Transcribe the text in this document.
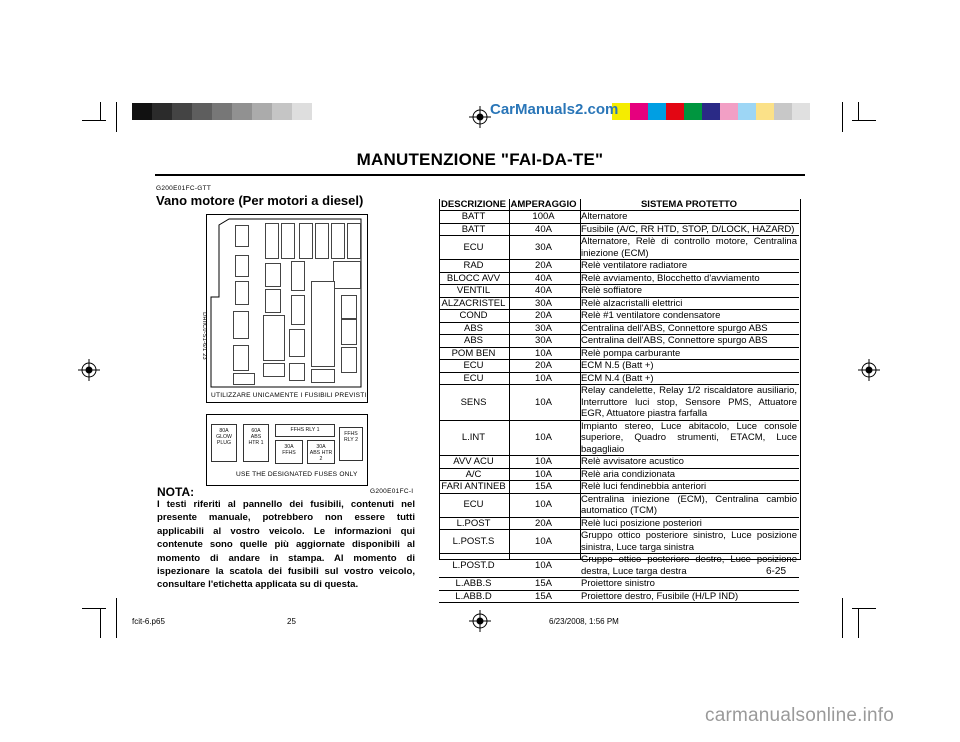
CarManuals2.com
MANUTENZIONE "FAI-DA-TE"
G200E01FC-GTT
Vano motore (Per motori a diesel)
UTILIZZARE UNICAMENTE I FUSIBILI PREVISTI.
DHIIC0-S1-6/1 23
80A
GLOW
PLUG
60A
ABS
HTR 1
FFHS RLY 1
30A
FFHS
30A
ABS HTR 2
FFHS
RLY 2
USE THE DESIGNATED FUSES ONLY
G200E01FC-I
NOTA:
I testi riferiti al pannello dei fusibili, contenuti nel presente manuale, potrebbero non essere tutti applicabili al vostro veicolo. Le informazioni qui contenute sono quelle più aggiornate disponibili al momento di andare in stampa. Al momento di ispezionare la scatola dei fusibili sul vostro veicolo, consultare l'etichetta applicata su di questa.
DESCRIZIONE	AMPERAGGIO	SISTEMA PROTETTO
BATT	100A	Alternatore
BATT	40A	Fusibile (A/C, RR HTD, STOP, D/LOCK, HAZARD)
ECU	30A	Alternatore, Relè di controllo motore, Centralina iniezione (ECM)
RAD	20A	Relè ventilatore radiatore
BLOCC AVV	40A	Relè avviamento, Blocchetto d'avviamento
VENTIL	40A	Relè soffiatore
ALZACRISTEL	30A	Relè alzacristalli elettrici
COND	20A	Relè #1 ventilatore condensatore
ABS	30A	Centralina dell'ABS, Connettore spurgo ABS
ABS	30A	Centralina dell'ABS, Connettore spurgo ABS
POM BEN	10A	Relè pompa carburante
ECU	20A	ECM N.5 (Batt +)
ECU	10A	ECM N.4 (Batt +)
SENS	10A	Relay candelette, Relay 1/2 riscaldatore ausiliario, Interruttore luci stop, Sensore PMS, Attuatore EGR, Attuatore piastra farfalla
L.INT	10A	Impianto stereo, Luce abitacolo, Luce console superiore, Quadro strumenti, ETACM, Luce bagagliaio
AVV ACU	10A	Relè avvisatore acustico
A/C	10A	Relè aria condizionata
FARI ANTINEB	15A	Relè luci fendinebbia anteriori
ECU	10A	Centralina iniezione (ECM), Centralina cambio automatico (TCM)
L.POST	20A	Relè luci posizione posteriori
L.POST.S	10A	Gruppo ottico posteriore sinistro, Luce posizione sinistra, Luce targa sinistra
L.POST.D	10A	Gruppo ottico posteriore destro, Luce posizione destra, Luce targa destra
L.ABB.S	15A	Proiettore sinistro
L.ABB.D	15A	Proiettore destro, Fusibile (H/LP IND)
6-25
fcit-6.p65	25	6/23/2008, 1:56 PM
carmanualsonline.info
